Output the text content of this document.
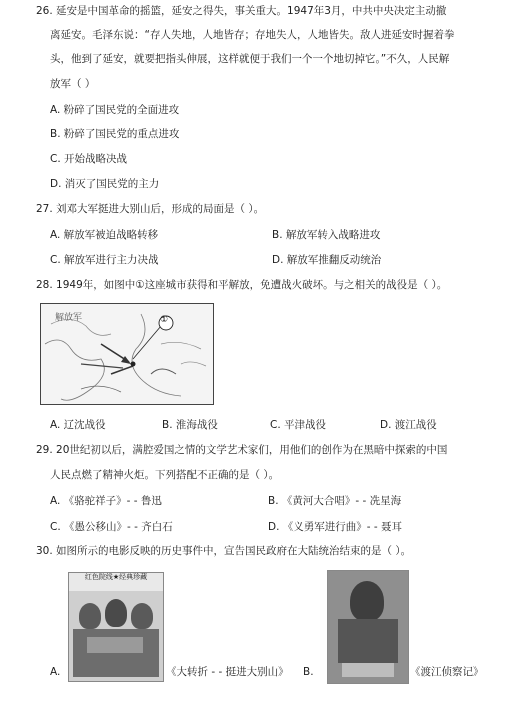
26. 延安是中国革命的摇篮，延安之得失，事关重大。1947年3月，中共中央决定主动撤
离延安。毛泽东说：“存人失地，人地皆存；存地失人，人地皆失。敌人进延安时握着拳
头，他到了延安，就要把指头伸展，这样就便于我们一个一个地切掉它。”不久，人民解
放军（ ）
A. 粉碎了国民党的全面进攻
B. 粉碎了国民党的重点进攻
C. 开始战略决战
D. 消灭了国民党的主力
27. 刘邓大军挺进大别山后，形成的局面是（ ）。
A. 解放军被迫战略转移	B. 解放军转入战略进攻
C. 解放军进行主力决战	D. 解放军推翻反动统治
28. 1949年，如图中①这座城市获得和平解放，免遭战火破坏。与之相关的战役是（ ）。
解放军	①
A. 辽沈战役	B. 淮海战役	C. 平津战役	D. 渡江战役
29. 20世纪初以后，满腔爱国之情的文学艺术家们，用他们的创作为在黑暗中探索的中国
人民点燃了精神火炬。下列搭配不正确的是（ ）。
A. 《骆驼祥子》- - 鲁迅	B. 《黄河大合唱》- - 冼星海
C. 《愚公移山》- - 齐白石	D. 《义勇军进行曲》- - 聂耳
30. 如图所示的电影反映的历史事件中，宣告国民政府在大陆统治结束的是（ ）。
红色院线★经典珍藏
A.	《大转折 - - 挺进大别山》 B.	《渡江侦察记》
